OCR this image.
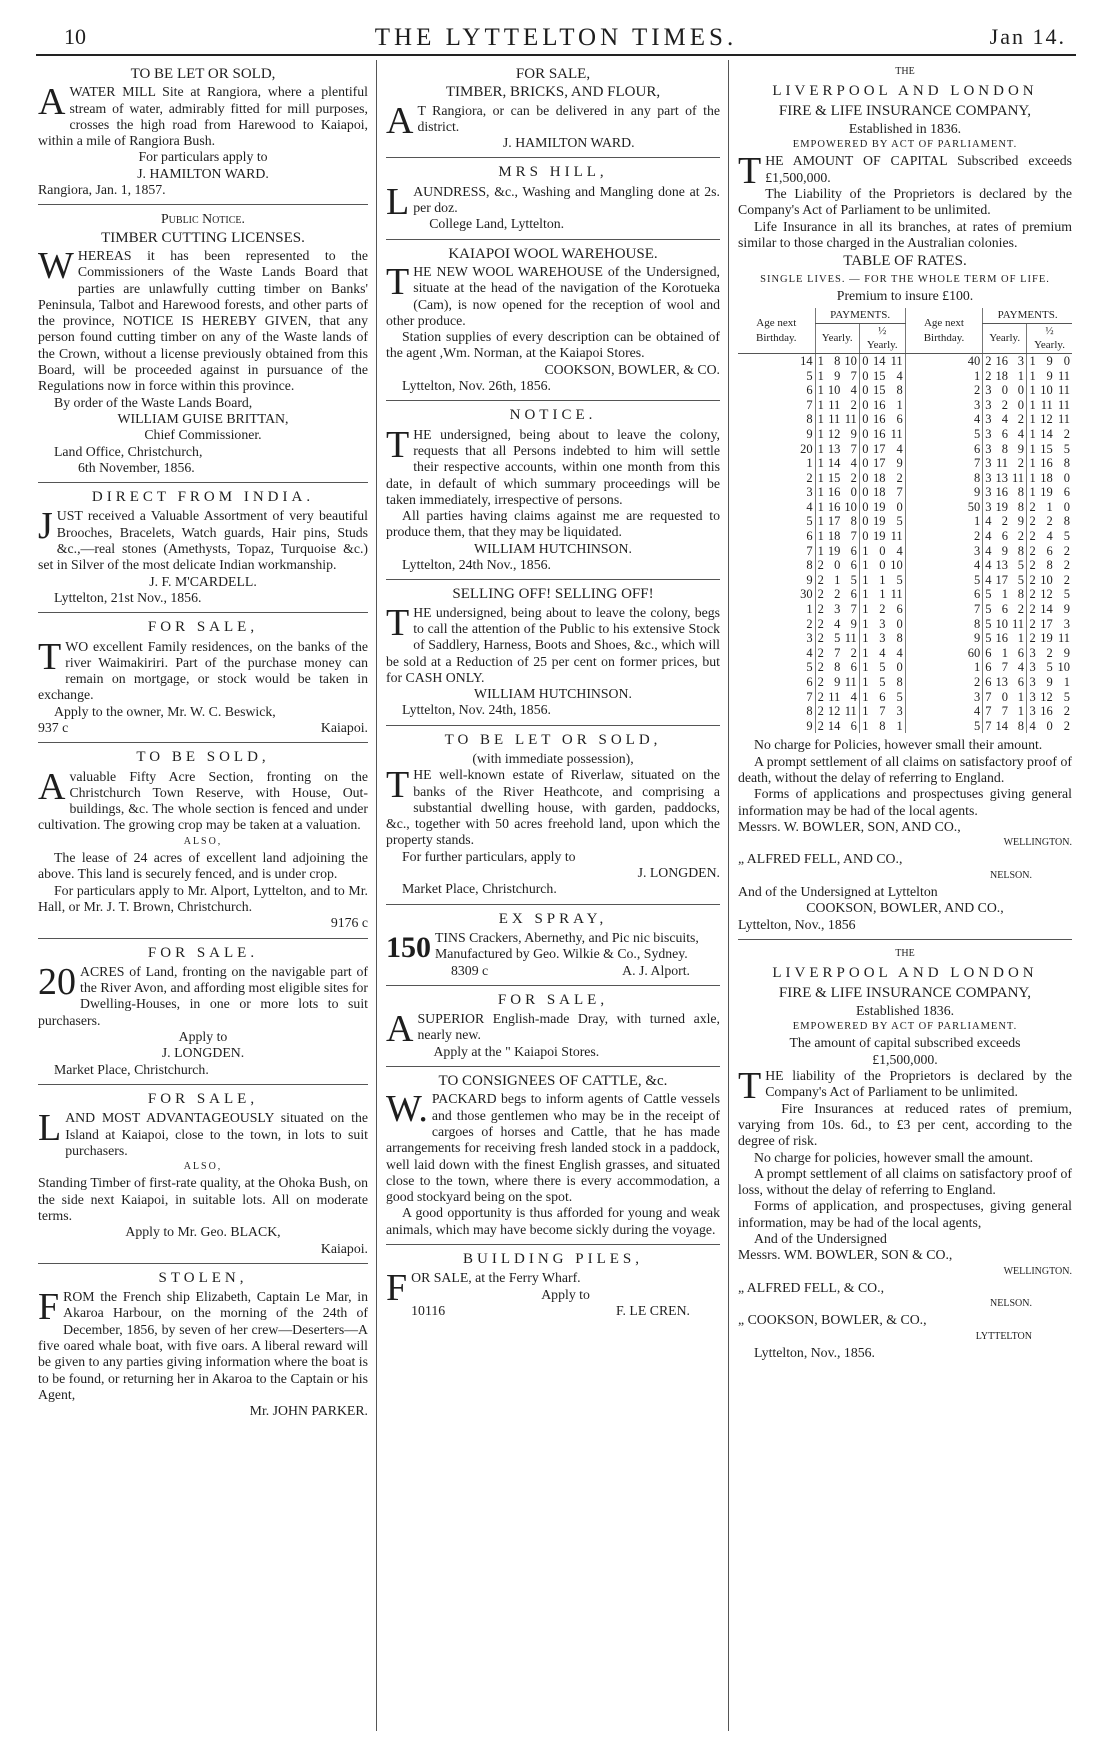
10	THE LYTTELTON TIMES.	Jan 14.
TO BE LET OR SOLD,

AWATER MILL Site at Rangiora, where a plentiful stream of water, admirably fitted for mill purposes, crosses the high road from Harewood to Kaiapoi, within a mile of Rangiora Bush.

For particulars apply to
J. HAMILTON WARD.
Rangiora, Jan. 1, 1857.
Public Notice.
TIMBER CUTTING LICENSES.

WHEREAS it has been represented to the Commissioners of the Waste Lands Board that parties are unlawfully cutting timber on Banks' Peninsula, Talbot and Harewood forests, and other parts of the province, NOTICE IS HEREBY GIVEN, that any person found cutting timber on any of the Waste lands of the Crown, without a license previously obtained from this Board, will be proceeded against in pursuance of the Regulations now in force within this province.

By order of the Waste Lands Board,
WILLIAM GUISE BRITTAN,
Chief Commissioner.
Land Office, Christchurch,
6th November, 1856.
DIRECT FROM INDIA.

JUST received a Valuable Assortment of very beautiful Brooches, Bracelets, Watch guards, Hair pins, Studs &c.,—real stones (Amethysts, Topaz, Turquoise &c.) set in Silver of the most delicate Indian workmanship.

J. F. M'CARDELL.
Lyttelton, 21st Nov., 1856.
FOR SALE,

TWO excellent Family residences, on the banks of the river Waimakiriri. Part of the purchase money can remain on mortgage, or stock would be taken in exchange.

Apply to the owner, Mr. W. C. Beswick,
937 c	Kaiapoi.
TO BE SOLD,

Avaluable Fifty Acre Section, fronting on the Christchurch Town Reserve, with House, Out-buildings, &c. The whole section is fenced and under cultivation. The growing crop may be taken at a valuation.

ALSO,

The lease of 24 acres of excellent land adjoining the above. This land is securely fenced, and is under crop.

For particulars apply to Mr. Alport, Lyttelton, and to Mr. Hall, or Mr. J. T. Brown, Christchurch.

9176 c
FOR SALE.

20 ACRES of Land, fronting on the navigable part of the River Avon, and affording most eligible sites for Dwelling-Houses, in one or more lots to suit purchasers.

Apply to
J. LONGDEN.
Market Place, Christchurch.
FOR SALE,

LAND MOST ADVANTAGEOUSLY situated on the Island at Kaiapoi, close to the town, in lots to suit purchasers.

ALSO,

Standing Timber of first-rate quality, at the Ohoka Bush, on the side next Kaiapoi, in suitable lots. All on moderate terms.

Apply to Mr. Geo. BLACK,
Kaiapoi.
STOLEN,

FROM the French ship Elizabeth, Captain Le Mar, in Akaroa Harbour, on the morning of the 24th of December, 1856, by seven of her crew—Deserters—A five oared whale boat, with five oars. A liberal reward will be given to any parties giving information where the boat is to be found, or returning her in Akaroa to the Captain or his Agent,

Mr. JOHN PARKER.
FOR SALE,
TIMBER, BRICKS, AND FLOUR,

A T Rangiora, or can be delivered in any part of the district.

J. HAMILTON WARD.
MRS HILL,

LAUNDRESS, &c., Washing and Mangling done at 2s. per doz.

College Land, Lyttelton.
KAIAPOI WOOL WAREHOUSE.

THE NEW WOOL WAREHOUSE of the Undersigned, situate at the head of the navigation of the Korotueka (Cam), is now opened for the reception of wool and other produce.

Station supplies of every description can be obtained of the agent ,Wm. Norman, at the Kaiapoi Stores.

COOKSON, BOWLER, & CO.
Lyttelton, Nov. 26th, 1856.
NOTICE.

THE undersigned, being about to leave the colony, requests that all Persons indebted to him will settle their respective accounts, within one month from this date, in default of which summary proceedings will be taken immediately, irrespective of persons.

All parties having claims against me are requested to produce them, that they may be liquidated.

WILLIAM HUTCHINSON.
Lyttelton, 24th Nov., 1856.
SELLING OFF! SELLING OFF!

THE undersigned, being about to leave the colony, begs to call the attention of the Public to his extensive Stock of Saddlery, Harness, Boots and Shoes, &c., which will be sold at a Reduction of 25 per cent on former prices, but for CASH ONLY.

WILLIAM HUTCHINSON.
Lyttelton, Nov. 24th, 1856.
TO BE LET OR SOLD,
(with immediate possession),

THE well-known estate of Riverlaw, situated on the banks of the River Heathcote, and comprising a substantial dwelling house, with garden, paddocks, &c., together with 50 acres freehold land, upon which the property stands.

For further particulars, apply to
J. LONGDEN.
Market Place, Christchurch.
EX SPRAY,

150 TINS Crackers, Abernethy, and Pic nic biscuits,

Manufactured by Geo. Wilkie & Co., Sydney.
8309 c	A. J. Alport.
FOR SALE,

ASUPERIOR English-made Dray, with turned axle, nearly new.

Apply at the " Kaiapoi Stores.
TO CONSIGNEES OF CATTLE, &c.

W. PACKARD begs to inform agents of Cattle vessels and those gentlemen who may be in the receipt of cargoes of horses and Cattle, that he has made arrangements for receiving fresh landed stock in a paddock, well laid down with the finest English grasses, and situated close to the town, where there is every accommodation, a good stockyard being on the spot.

A good opportunity is thus afforded for young and weak animals, which may have become sickly during the voyage.

BUILDING PILES,

FOR SALE, at the Ferry Wharf.

Apply to
10116	F. LE CREN.
THE
LIVERPOOL AND LONDON
FIRE & LIFE INSURANCE COMPANY,
Established in 1836.
EMPOWERED BY ACT OF PARLIAMENT.

THE AMOUNT OF CAPITAL Subscribed exceeds £1,500,000.

The Liability of the Proprietors is declared by the Company's Act of Parliament to be unlimited.

Life Insurance in all its branches, at rates of premium similar to those charged in the Australian colonies.

TABLE OF RATES.
SINGLE LIVES. — FOR THE WHOLE TERM OF LIFE.
Premium to insure £100.
Age next Birthday.	PAYMENTS.						Age next Birthday.	PAYMENTS.					
	Yearly.			½ Yearly.				Yearly.			½ Yearly.		
14	1	8	10	0	14	11	40	2	16	3	1	9	0
5	1	9	7	0	15	4	1	2	18	1	1	9	11
6	1	10	4	0	15	8	2	3	0	0	1	10	11
7	1	11	2	0	16	1	3	3	2	0	1	11	11
8	1	11	11	0	16	6	4	3	4	2	1	12	11
9	1	12	9	0	16	11	5	3	6	4	1	14	2
20	1	13	7	0	17	4	6	3	8	9	1	15	5
1	1	14	4	0	17	9	7	3	11	2	1	16	8
2	1	15	2	0	18	2	8	3	13	11	1	18	0
3	1	16	0	0	18	7	9	3	16	8	1	19	6
4	1	16	10	0	19	0	50	3	19	8	2	1	0
5	1	17	8	0	19	5	1	4	2	9	2	2	8
6	1	18	7	0	19	11	2	4	6	2	2	4	5
7	1	19	6	1	0	4	3	4	9	8	2	6	2
8	2	0	6	1	0	10	4	4	13	5	2	8	2
9	2	1	5	1	1	5	5	4	17	5	2	10	2
30	2	2	6	1	1	11	6	5	1	8	2	12	5
1	2	3	7	1	2	6	7	5	6	2	2	14	9
2	2	4	9	1	3	0	8	5	10	11	2	17	3
3	2	5	11	1	3	8	9	5	16	1	2	19	11
4	2	7	2	1	4	4	60	6	1	6	3	2	9
5	2	8	6	1	5	0	1	6	7	4	3	5	10
6	2	9	11	1	5	8	2	6	13	6	3	9	1
7	2	11	4	1	6	5	3	7	0	1	3	12	5
8	2	12	11	1	7	3	4	7	7	1	3	16	2
9	2	14	6	1	8	1	5	7	14	8	4	0	2

No charge for Policies, however small their amount.

A prompt settlement of all claims on satisfactory proof of death, without the delay of referring to England.

Forms of applications and prospectuses giving general information may be had of the local agents.

Messrs. W. BOWLER, SON, AND CO.,
WELLINGTON.
„ ALFRED FELL, AND CO.,
NELSON.
And of the Undersigned at Lyttelton
COOKSON, BOWLER, AND CO.,
Lyttelton, Nov., 1856
THE
LIVERPOOL AND LONDON
FIRE & LIFE INSURANCE COMPANY,
Established 1836.
EMPOWERED BY ACT OF PARLIAMENT.
The amount of capital subscribed exceeds
£1,500,000.

THE liability of the Proprietors is declared by the Company's Act of Parliament to be unlimited.

Fire Insurances at reduced rates of premium, varying from 10s. 6d., to £3 per cent, according to the degree of risk.

No charge for policies, however small the amount.

A prompt settlement of all claims on satisfactory proof of loss, without the delay of referring to England.

Forms of application, and prospectuses, giving general information, may be had of the local agents,

And of the Undersigned
Messrs. WM. BOWLER, SON & CO.,
WELLINGTON.
„ ALFRED FELL, & CO.,
NELSON.
„ COOKSON, BOWLER, & CO.,
LYTTELTON
Lyttelton, Nov., 1856.
